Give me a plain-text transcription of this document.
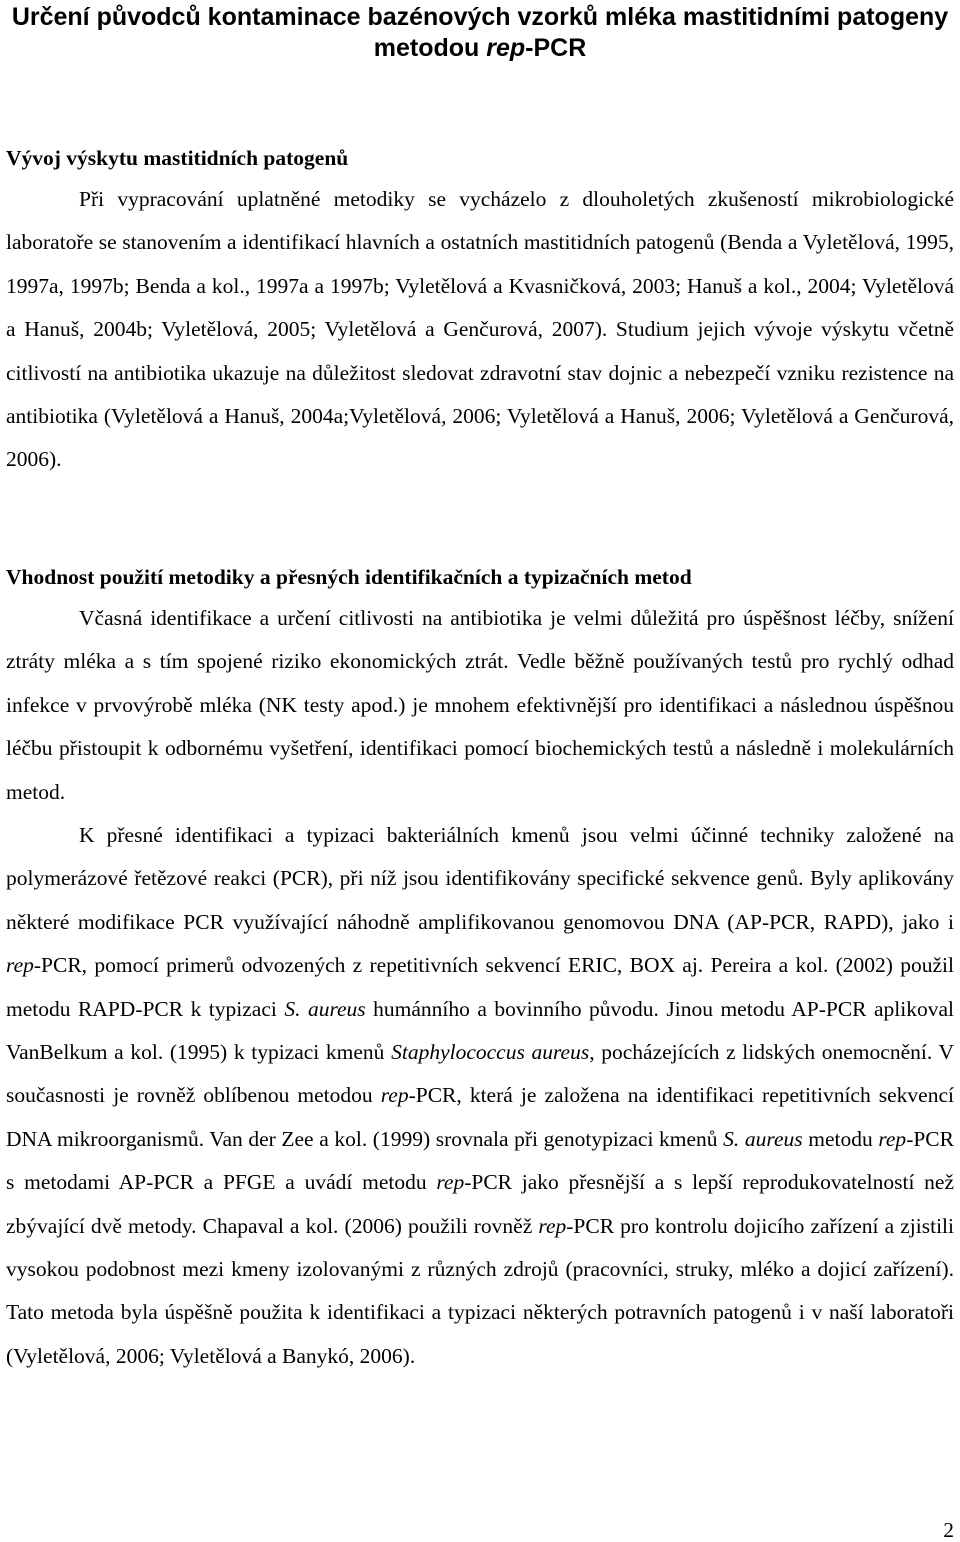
Určení původců kontaminace bazénových vzorků mléka mastitidními patogeny metodou rep-PCR
Vývoj výskytu mastitidních patogenů

Při vypracování uplatněné metodiky se vycházelo z dlouholetých zkušeností mikrobiologické laboratoře se stanovením a identifikací hlavních a ostatních mastitidních patogenů (Benda a Vyletělová, 1995, 1997a, 1997b; Benda a kol., 1997a a 1997b; Vyletělová a Kvasničková, 2003; Hanuš a kol., 2004; Vyletělová a Hanuš, 2004b; Vyletělová, 2005; Vyletělová a Genčurová, 2007). Studium jejich vývoje výskytu včetně citlivostí na antibiotika ukazuje na důležitost sledovat zdravotní stav dojnic a nebezpečí vzniku rezistence na antibiotika (Vyletělová a Hanuš, 2004a;Vyletělová, 2006; Vyletělová a Hanuš, 2006; Vyletělová a Genčurová, 2006).

Vhodnost použití metodiky a přesných identifikačních a typizačních metod

Včasná identifikace a určení citlivosti na antibiotika je velmi důležitá pro úspěšnost léčby, snížení ztráty mléka a s tím spojené riziko ekonomických ztrát. Vedle běžně používaných testů pro rychlý odhad infekce v prvovýrobě mléka (NK testy apod.) je mnohem efektivnější pro identifikaci a následnou úspěšnou léčbu přistoupit k odbornému vyšetření, identifikaci pomocí biochemických testů a následně i molekulárních metod.

K přesné identifikaci a typizaci bakteriálních kmenů jsou velmi účinné techniky založené na polymerázové řetězové reakci (PCR), při níž jsou identifikovány specifické sekvence genů. Byly aplikovány některé modifikace PCR využívající náhodně amplifikovanou genomovou DNA (AP-PCR, RAPD), jako i rep-PCR, pomocí primerů odvozených z repetitivních sekvencí ERIC, BOX aj. Pereira a kol. (2002) použil metodu RAPD-PCR k typizaci S. aureus humánního a bovinního původu. Jinou metodu AP-PCR aplikoval VanBelkum a kol. (1995) k typizaci kmenů Staphylococcus aureus, pocházejících z lidských onemocnění. V současnosti je rovněž oblíbenou metodou rep-PCR, která je založena na identifikaci repetitivních sekvencí DNA mikroorganismů. Van der Zee a kol. (1999) srovnala při genotypizaci kmenů S. aureus metodu rep-PCR s metodami AP-PCR a PFGE a uvádí metodu rep-PCR jako přesnější a s lepší reprodukovatelností než zbývající dvě metody. Chapaval a kol. (2006) použili rovněž rep-PCR pro kontrolu dojicího zařízení a zjistili vysokou podobnost mezi kmeny izolovanými z různých zdrojů (pracovníci, struky, mléko a dojicí zařízení). Tato metoda byla úspěšně použita k identifikaci a typizaci některých potravních patogenů i v naší laboratoři (Vyletělová, 2006; Vyletělová a Banykó, 2006).

2
